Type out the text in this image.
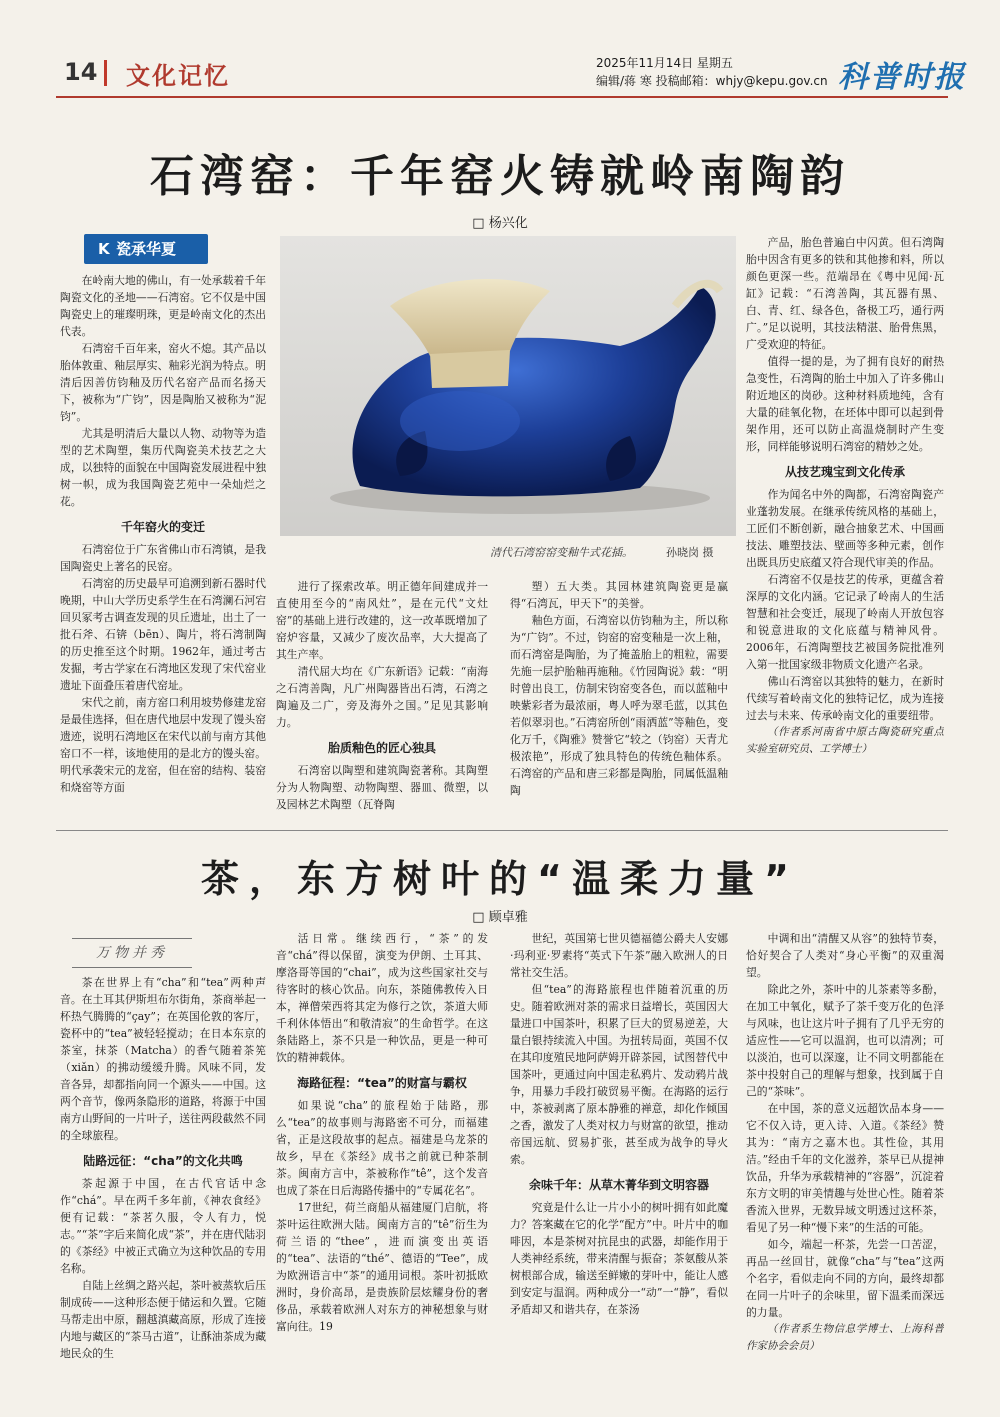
14 文化记忆	2025年11月14日 星期五
编辑/蒋 寒 投稿邮箱：whjy@kepu.gov.cn 科普时报
石湾窑：千年窑火铸就岭南陶韵
□ 杨兴化
K 瓷承华夏

在岭南大地的佛山，有一处承载着千年陶瓷文化的圣地——石湾窑。它不仅是中国陶瓷史上的璀璨明珠，更是岭南文化的杰出代表。

石湾窑千百年来，窑火不熄。其产品以胎体敦重、釉层厚实、釉彩光润为特点。明清后因善仿钧釉及历代名窑产品而名扬天下，被称为“广钧”，因是陶胎又被称为“泥钧”。

尤其是明清后大量以人物、动物等为造型的艺术陶塑，集历代陶瓷美术技艺之大成，以独特的面貌在中国陶瓷发展进程中独树一帜，成为我国陶瓷艺苑中一朵灿烂之花。

千年窑火的变迁

石湾窑位于广东省佛山市石湾镇，是我国陶瓷史上著名的民窑。

石湾窑的历史最早可追溯到新石器时代晚期，中山大学历史系学生在石湾澜石河宕回贝冢考古调查发现的贝丘遗址，出土了一批石斧、石锛（bēn）、陶片，将石湾制陶的历史推至这个时期。1962年，通过考古发掘，考古学家在石湾地区发现了宋代窑业遗址下面叠压着唐代窑址。

宋代之前，南方窑口利用坡势修建龙窑是最佳选择，但在唐代地层中发现了馒头窑遗迹，说明石湾地区在宋代以前与南方其他窑口不一样，该地使用的是北方的馒头窑。明代承袭宋元的龙窑，但在窑的结构、装窑和烧窑等方面

清代石湾窑窑变釉牛式花插。	孙晓岗 摄

进行了探索改革。明正德年间建成并一直使用至今的“南风灶”，是在元代“文灶窑”的基础上进行改建的，这一改革既增加了窑炉容量，又减少了废次品率，大大提高了其生产率。

清代屈大均在《广东新语》记载：“南海之石湾善陶，凡广州陶器皆出石湾，石湾之陶遍及二广，旁及海外之国。”足见其影响力。

胎质釉色的匠心独具

石湾窑以陶塑和建筑陶瓷著称。其陶塑分为人物陶塑、动物陶塑、器皿、微塑，以及园林艺术陶塑（瓦脊陶

塑）五大类。其园林建筑陶瓷更是赢得“石湾瓦，甲天下”的美誉。

釉色方面，石湾窑以仿钧釉为主，所以称为“广钧”。不过，钧窑的窑变釉是一次上釉，而石湾窑是陶胎，为了掩盖胎上的粗粒，需要先施一层护胎釉再施釉。《竹园陶说》载：“明时曾出良工，仿制宋钧窑变各色，而以蓝釉中映紫彩者为最浓丽，粤人呼为翠毛蓝，以其色若似翠羽也。”石湾窑所创“雨洒蓝”等釉色，变化万千，《陶雅》赞誉它“较之（钧窑）天青尤极浓艳”，形成了独具特色的传统色釉体系。石湾窑的产品和唐三彩都是陶胎，同属低温釉陶

产品，胎色普遍白中闪黄。但石湾陶胎中因含有更多的铁和其他掺和料，所以颜色更深一些。范端昂在《粤中见闻·瓦缸》记载：“石湾善陶，其瓦器有黑、白、青、红、绿各色，备极工巧，通行两广。”足以说明，其技法精湛、胎骨焦黑，广受欢迎的特征。

值得一提的是，为了拥有良好的耐热急变性，石湾陶的胎土中加入了许多佛山附近地区的岗砂。这种材料质地纯，含有大量的硅氧化物，在坯体中即可以起到骨架作用，还可以防止高温烧制时产生变形，同样能够说明石湾窑的精妙之处。

从技艺瑰宝到文化传承

作为闻名中外的陶都，石湾窑陶瓷产业蓬勃发展。在继承传统风格的基础上，工匠们不断创新，融合抽象艺术、中国画技法、雕塑技法、壁画等多种元素，创作出既具历史底蕴又符合现代审美的作品。

石湾窑不仅是技艺的传承，更蕴含着深厚的文化内涵。它记录了岭南人的生活智慧和社会变迁，展现了岭南人开放包容和锐意进取的文化底蕴与精神风骨。2006年，石湾陶塑技艺被国务院批准列入第一批国家级非物质文化遗产名录。

佛山石湾窑以其独特的魅力，在新时代续写着岭南文化的独特记忆，成为连接过去与未来、传承岭南文化的重要纽带。

（作者系河南省中原古陶瓷研究重点实验室研究员、工学博士）

茶，东方树叶的“温柔力量”
□ 顾卓雅
万物并秀

茶在世界上有“cha”和“tea”两种声音。在土耳其伊斯坦布尔街角，茶商举起一杯热气腾腾的“çay”；在英国伦敦的客厅，瓷杯中的“tea”被轻轻搅动；在日本东京的茶室，抹茶（Matcha）的香气随着茶筅（xiǎn）的拂动缓缓升腾。风味不同，发音各异，却都指向同一个源头——中国。这两个音节，像两条隐形的道路，将源于中国南方山野间的一片叶子，送往两段截然不同的全球旅程。

陆路远征：“cha”的文化共鸣

茶起源于中国，在古代官话中念作“chá”。早在两千多年前，《神农食经》便有记载：“茶茗久服，令人有力，悦志。”“茶”字后来简化成“茶”，并在唐代陆羽的《茶经》中被正式确立为这种饮品的专用名称。

自陆上丝绸之路兴起，茶叶被蒸软后压制成砖——这种形态便于储运和久置。它随马帮走出中原，翻越滇藏高原，形成了连接内地与藏区的“茶马古道”，让酥油茶成为藏地民众的生

活日常。继续西行，“茶”的发音“chá”得以保留，演变为伊朗、土耳其、摩洛哥等国的“chai”，成为这些国家社交与待客时的核心饮品。向东，茶随佛教传入日本，禅僧荣西将其定为修行之饮，茶道大师千利休体悟出“和敬清寂”的生命哲学。在这条陆路上，茶不只是一种饮品，更是一种可饮的精神载体。

海路征程：“tea”的财富与霸权

如果说“cha”的旅程始于陆路，那么“tea”的故事则与海路密不可分，而福建省，正是这段故事的起点。福建是乌龙茶的故乡，早在《茶经》成书之前就已种茶制茶。闽南方言中，茶被称作“tê”，这个发音也成了茶在日后海路传播中的“专属花名”。

17世纪，荷兰商船从福建厦门启航，将茶叶运往欧洲大陆。闽南方言的“tê”衍生为荷兰语的“thee”，进而演变出英语的“tea”、法语的“thé”、德语的“Tee”，成为欧洲语言中“茶”的通用词根。茶叶初抵欧洲时，身价高昂，是贵族阶层炫耀身份的奢侈品，承载着欧洲人对东方的神秘想象与财富向往。19

世纪，英国第七世贝德福德公爵夫人安娜·玛利亚·罗素将“英式下午茶”融入欧洲人的日常社交生活。

但“tea”的海路旅程也伴随着沉重的历史。随着欧洲对茶的需求日益增长，英国因大量进口中国茶叶，积累了巨大的贸易逆差，大量白银持续流入中国。为扭转局面，英国不仅在其印度殖民地阿萨姆开辟茶园，试图替代中国茶叶，更通过向中国走私鸦片、发动鸦片战争，用暴力手段打破贸易平衡。在海路的运行中，茶被剥离了原本静雅的禅意，却化作倾国之香，激发了人类对权力与财富的欲望，推动帝国远航、贸易扩张，甚至成为战争的导火索。

余味千年：从草木菁华到文明容器

究竟是什么让一片小小的树叶拥有如此魔力？答案藏在它的化学“配方”中。叶片中的咖啡因，本是茶树对抗昆虫的武器，却能作用于人类神经系统，带来清醒与振奋；茶氨酸从茶树根部合成，输送至鲜嫩的芽叶中，能让人感到安定与温润。两种成分一“动”一“静”，看似矛盾却又和谐共存，在茶汤

中调和出“清醒又从容”的独特节奏，恰好契合了人类对“身心平衡”的双重渴望。

除此之外，茶叶中的儿茶素等多酚，在加工中氧化，赋予了茶千变万化的色泽与风味，也让这片叶子拥有了几乎无穷的适应性——它可以温润，也可以清冽；可以淡泊，也可以深邃，让不同文明都能在茶中投射自己的理解与想象，找到属于自己的“茶味”。

在中国，茶的意义远超饮品本身——它不仅入诗，更入诗、入道。《茶经》赞其为：“南方之嘉木也。其性俭，其用洁。”经由千年的文化滋养，茶早已从提神饮品，升华为承载精神的“容器”，沉淀着东方文明的审美情趣与处世心性。随着茶香流入世界，无数异域文明透过这杯茶，看见了另一种“慢下来”的生活的可能。

如今，端起一杯茶，先尝一口苦涩，再品一丝回甘，就像“cha”与“tea”这两个名字，看似走向不同的方向，最终却都在同一片叶子的余味里，留下温柔而深远的力量。

（作者系生物信息学博士、上海科普作家协会会员）
